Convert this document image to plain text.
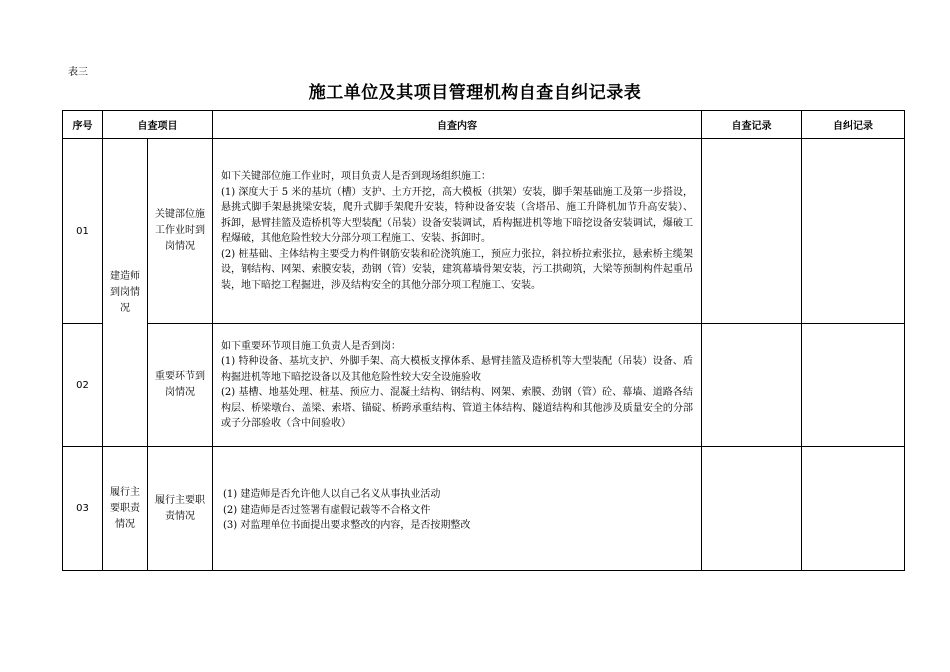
表三
施工单位及其项目管理机构自查自纠记录表
序号	自查项目		自查内容	自查记录	自纠记录
01	建造师到岗情况	关键部位施工作业时到岗情况	如下关键部位施工作业时，项目负责人是否到现场组织施工：

(1) 深度大于 5 米的基坑（槽）支护、土方开挖，高大模板（拱架）安装，脚手架基础施工及第一步搭设，悬挑式脚手架悬挑梁安装，爬升式脚手架爬升安装，特种设备安装（含塔吊、施工升降机加节升高安装）、拆卸，悬臂挂篮及造桥机等大型装配（吊装）设备安装调试，盾构掘进机等地下暗挖设备安装调试，爆破工程爆破，其他危险性较大分部分项工程施工、安装、拆卸时。

(2) 桩基础、主体结构主要受力构件钢筋安装和砼浇筑施工，预应力张拉，斜拉桥拉索张拉，悬索桥主缆架设，钢结构、网架、索膜安装，劲钢（管）安装，建筑幕墙骨架安装，污工拱砌筑，大梁等预制构件起重吊装，地下暗挖工程掘进，涉及结构安全的其他分部分项工程施工、安装。		

02		重要环节到岗情况	如下重要环节项目施工负责人是否到岗：

(1) 特种设备、基坑支护、外脚手架、高大模板支撑体系、悬臂挂篮及造桥机等大型装配（吊装）设备、盾构掘进机等地下暗挖设备以及其他危险性较大安全设施验收

(2) 基槽、地基处理、桩基、预应力、混凝土结构、钢结构、网架、索膜、劲钢（管）砼、幕墙、道路各结构层、桥梁墩台、盖梁、索塔、锚碇、桥跨承重结构、管道主体结构、隧道结构和其他涉及质量安全的分部或子分部验收（含中间验收）		

03	履行主要职责情况	履行主要职责情况	(1) 建造师是否允许他人以自己名义从事执业活动

(2) 建造师是否过签署有虚假记载等不合格文件

(3) 对监理单位书面提出要求整改的内容，是否按期整改		
